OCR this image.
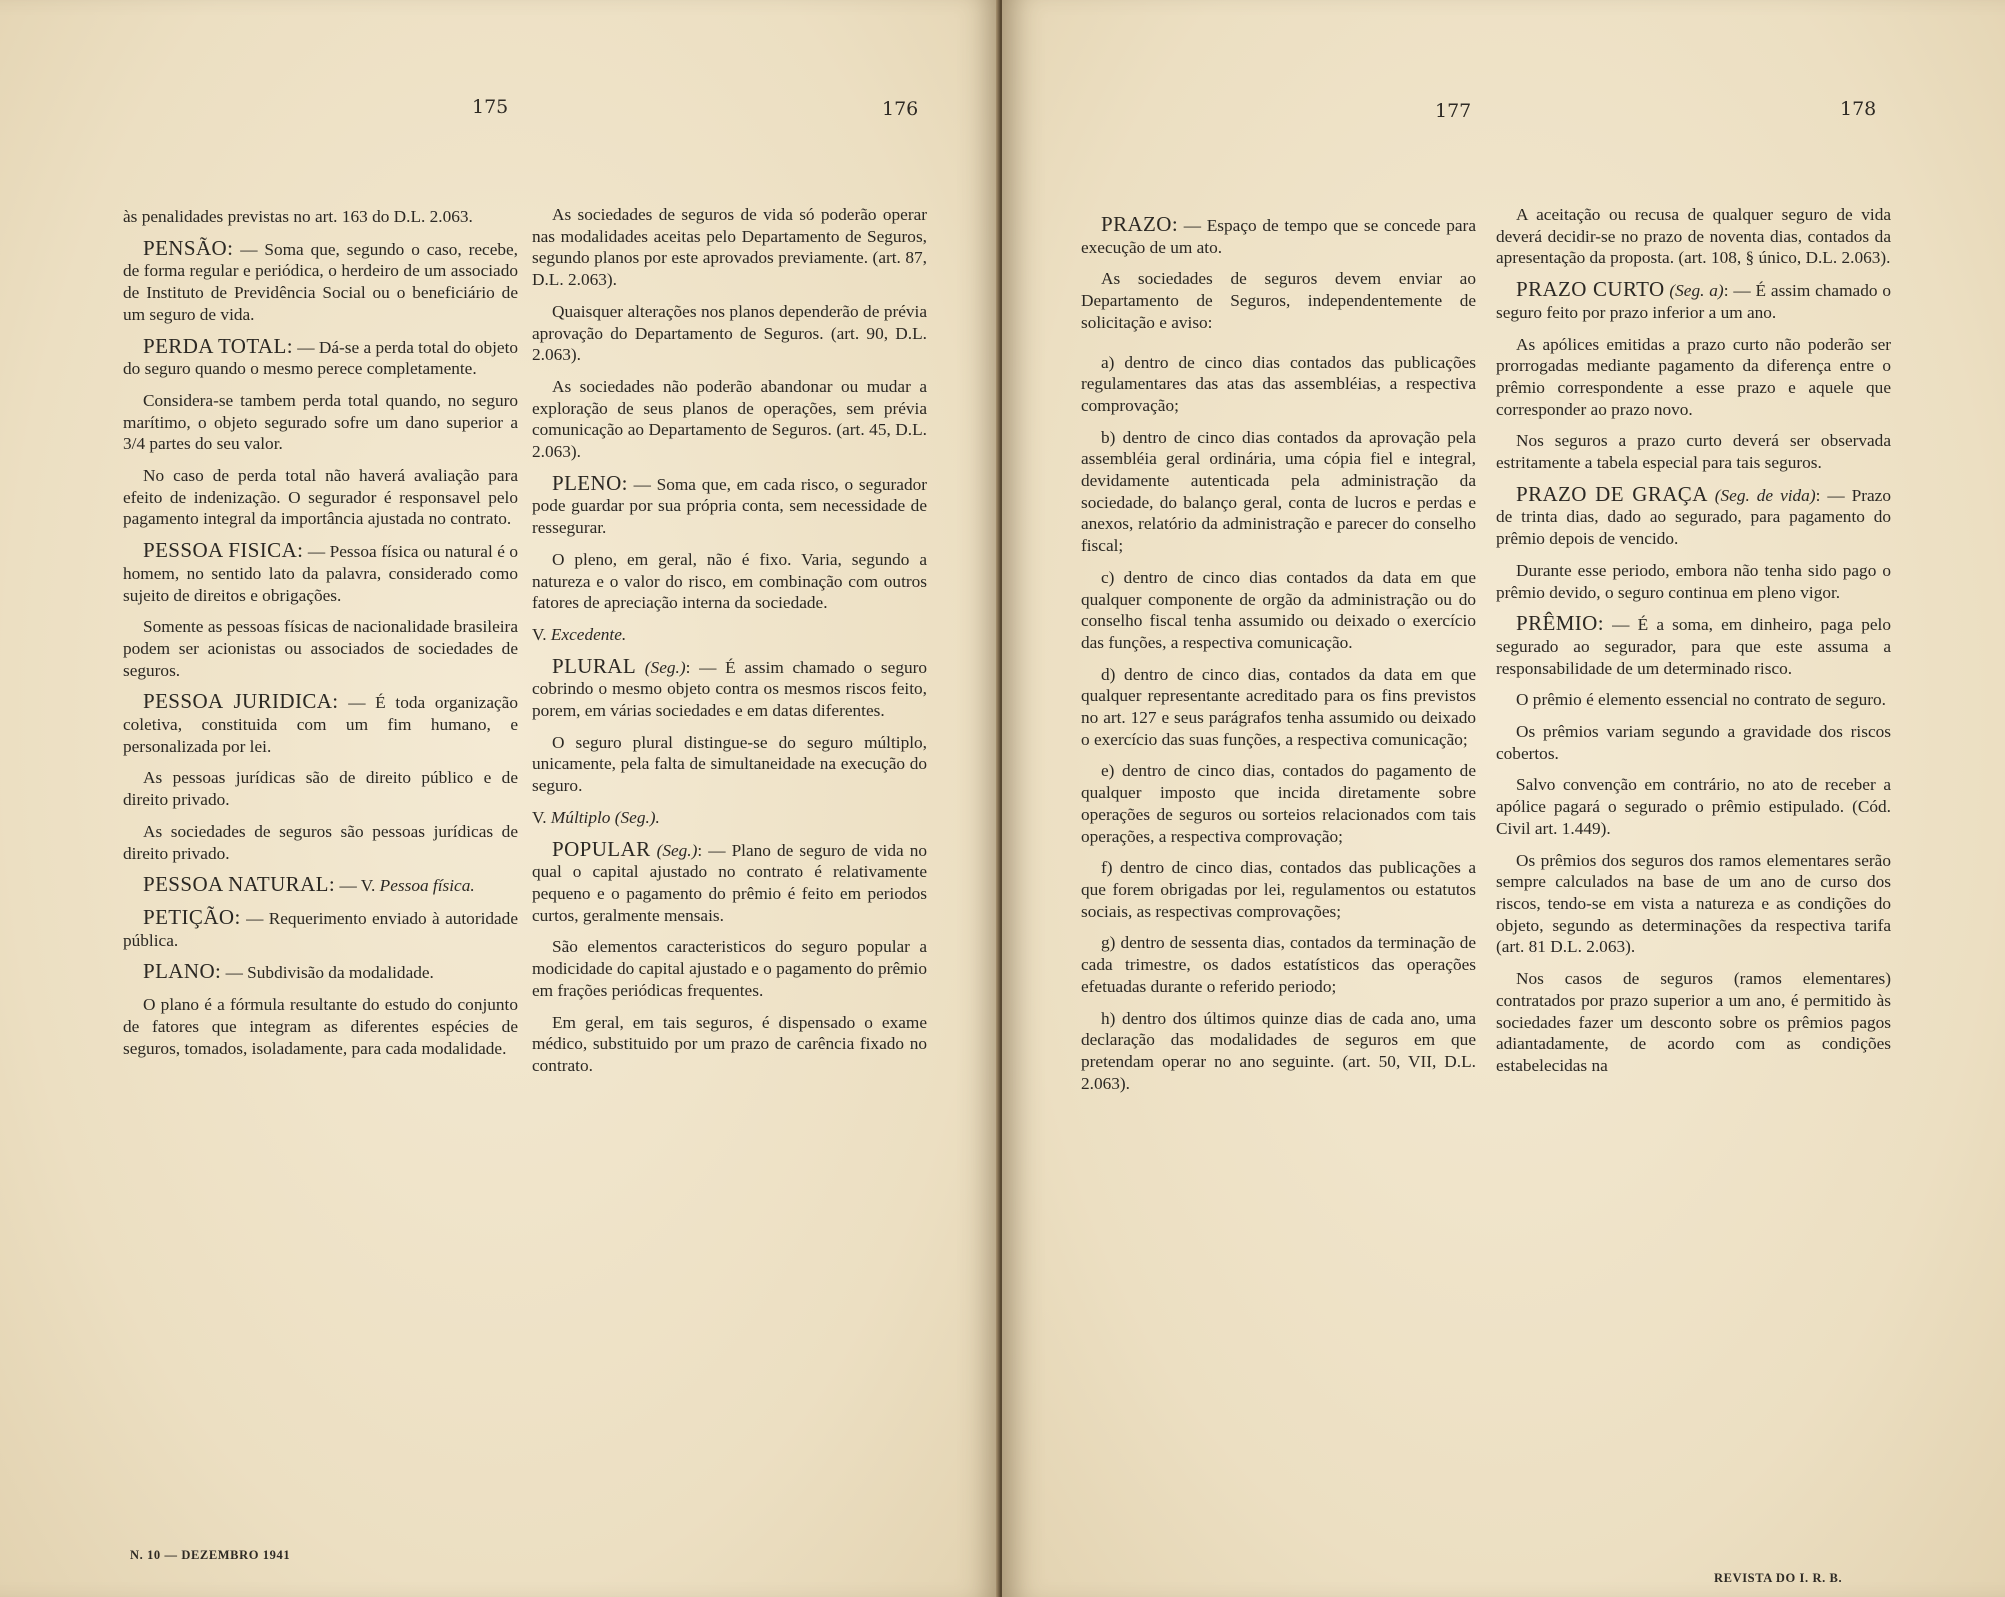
175	176

às penalidades previstas no art. 163 do D.L. 2.063.

PENSÃO: — Soma que, segundo o caso, recebe, de forma regular e periódica, o herdeiro de um associado de Instituto de Previdência Social ou o beneficiário de um seguro de vida.

PERDA TOTAL: — Dá-se a perda total do objeto do seguro quando o mesmo perece completamente.

Considera-se tambem perda total quando, no seguro marítimo, o objeto segurado sofre um dano superior a 3/4 partes do seu valor.

No caso de perda total não haverá avaliação para efeito de indenização. O segurador é responsavel pelo pagamento integral da importância ajustada no contrato.

PESSOA FISICA: — Pessoa física ou natural é o homem, no sentido lato da palavra, considerado como sujeito de direitos e obrigações.

Somente as pessoas físicas de nacionalidade brasileira podem ser acionistas ou associados de sociedades de seguros.

PESSOA JURIDICA: — É toda organização coletiva, constituida com um fim humano, e personalizada por lei.

As pessoas jurídicas são de direito público e de direito privado.

As sociedades de seguros são pessoas jurídicas de direito privado.

PESSOA NATURAL: — V. Pessoa física.

PETIÇÃO: — Requerimento enviado à autoridade pública.

PLANO: — Subdivisão da modalidade.

O plano é a fórmula resultante do estudo do conjunto de fatores que integram as diferentes espécies de seguros, tomados, isoladamente, para cada modalidade.

As sociedades de seguros de vida só poderão operar nas modalidades aceitas pelo Departamento de Seguros, segundo planos por este aprovados previamente. (art. 87, D.L. 2.063).

Quaisquer alterações nos planos dependerão de prévia aprovação do Departamento de Seguros. (art. 90, D.L. 2.063).

As sociedades não poderão abandonar ou mudar a exploração de seus planos de operações, sem prévia comunicação ao Departamento de Seguros. (art. 45, D.L. 2.063).

PLENO: — Soma que, em cada risco, o segurador pode guardar por sua própria conta, sem necessidade de ressegurar.

O pleno, em geral, não é fixo. Varia, segundo a natureza e o valor do risco, em combinação com outros fatores de apreciação interna da sociedade.

V. Excedente.

PLURAL (Seg.): — É assim chamado o seguro cobrindo o mesmo objeto contra os mesmos riscos feito, porem, em várias sociedades e em datas diferentes.

O seguro plural distingue-se do seguro múltiplo, unicamente, pela falta de simultaneidade na execução do seguro.

V. Múltiplo (Seg.).

POPULAR (Seg.): — Plano de seguro de vida no qual o capital ajustado no contrato é relativamente pequeno e o pagamento do prêmio é feito em periodos curtos, geralmente mensais.

São elementos caracteristicos do seguro popular a modicidade do capital ajustado e o pagamento do prêmio em frações periódicas frequentes.

Em geral, em tais seguros, é dispensado o exame médico, substituido por um prazo de carência fixado no contrato.

N. 10 — DEZEMBRO 1941
177	178

PRAZO: — Espaço de tempo que se concede para execução de um ato.

As sociedades de seguros devem enviar ao Departamento de Seguros, independentemente de solicitação e aviso:

a) dentro de cinco dias contados das publicações regulamentares das atas das assembléias, a respectiva comprovação;

b) dentro de cinco dias contados da aprovação pela assembléia geral ordinária, uma cópia fiel e integral, devidamente autenticada pela administração da sociedade, do balanço geral, conta de lucros e perdas e anexos, relatório da administração e parecer do conselho fiscal;

c) dentro de cinco dias contados da data em que qualquer componente de orgão da administração ou do conselho fiscal tenha assumido ou deixado o exercício das funções, a respectiva comunicação.

d) dentro de cinco dias, contados da data em que qualquer representante acreditado para os fins previstos no art. 127 e seus parágrafos tenha assumido ou deixado o exercício das suas funções, a respectiva comunicação;

e) dentro de cinco dias, contados do pagamento de qualquer imposto que incida diretamente sobre operações de seguros ou sorteios relacionados com tais operações, a respectiva comprovação;

f) dentro de cinco dias, contados das publicações a que forem obrigadas por lei, regulamentos ou estatutos sociais, as respectivas comprovações;

g) dentro de sessenta dias, contados da terminação de cada trimestre, os dados estatísticos das operações efetuadas durante o referido periodo;

h) dentro dos últimos quinze dias de cada ano, uma declaração das modalidades de seguros em que pretendam operar no ano seguinte. (art. 50, VII, D.L. 2.063).

A aceitação ou recusa de qualquer seguro de vida deverá decidir-se no prazo de noventa dias, contados da apresentação da proposta. (art. 108, § único, D.L. 2.063).

PRAZO CURTO (Seg. a): — É assim chamado o seguro feito por prazo inferior a um ano.

As apólices emitidas a prazo curto não poderão ser prorrogadas mediante pagamento da diferença entre o prêmio correspondente a esse prazo e aquele que corresponder ao prazo novo.

Nos seguros a prazo curto deverá ser observada estritamente a tabela especial para tais seguros.

PRAZO DE GRAÇA (Seg. de vida): — Prazo de trinta dias, dado ao segurado, para pagamento do prêmio depois de vencido.

Durante esse periodo, embora não tenha sido pago o prêmio devido, o seguro continua em pleno vigor.

PRÊMIO: — É a soma, em dinheiro, paga pelo segurado ao segurador, para que este assuma a responsabilidade de um determinado risco.

O prêmio é elemento essencial no contrato de seguro.

Os prêmios variam segundo a gravidade dos riscos cobertos.

Salvo convenção em contrário, no ato de receber a apólice pagará o segurado o prêmio estipulado. (Cód. Civil art. 1.449).

Os prêmios dos seguros dos ramos elementares serão sempre calculados na base de um ano de curso dos riscos, tendo-se em vista a natureza e as condições do objeto, segundo as determinações da respectiva tarifa (art. 81 D.L. 2.063).

Nos casos de seguros (ramos elementares) contratados por prazo superior a um ano, é permitido às sociedades fazer um desconto sobre os prêmios pagos adiantadamente, de acordo com as condições estabelecidas na

REVISTA DO I. R. B.
